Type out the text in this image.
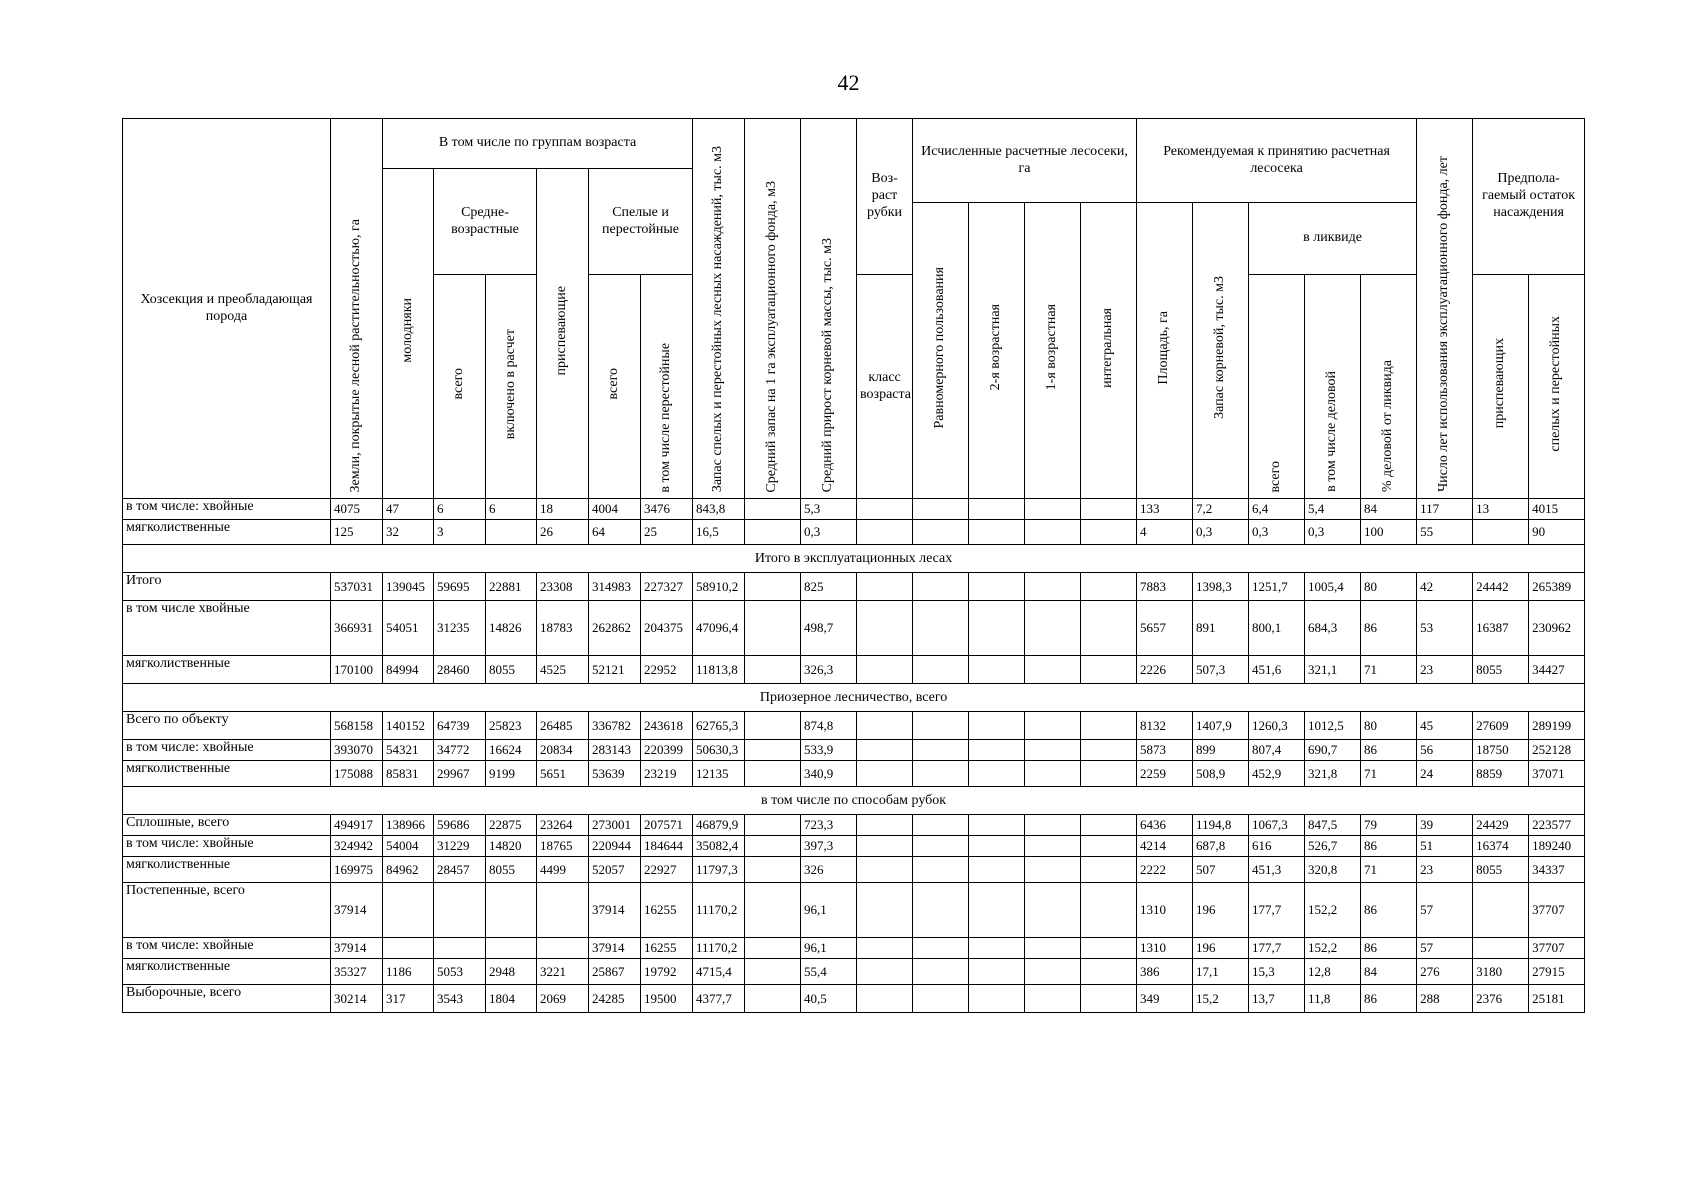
42
Хозсекция и преобладающая порода	Земли, покрытые лесной растительностью, га	В том числе по группам возраста						Запас спелых и перестойных лесных насаждений, тыс. м3	Средний запас на 1 га эксплуатационного фонда, м3	Средний прирост корневой массы, тыс. м3	Воз-раст рубки	Исчисленные расчетные лесосеки, га				Рекомендуемая к принятию расчетная лесосека					Число лет использования эксплуатационного фонда, лет	Предпола-гаемый остаток насаждения	
		молодняки	Средне-возрастные		приспевающие	Спелые и перестойные																	
												Равномерного пользования	2-я возрастная	1-я возрастная	интегральная	Площадь, га	Запас корневой, тыс. м3	в ликвиде					
			всего	включено в расчет		всего	в том числе перестойные				класс возраста							всего	в том числе деловой	% деловой от ликвида		приспевающих	спелых и перестойных
в том числе: хвойные	4075	47	6	6	18	4004	3476	843,8		5,3						133	7,2	6,4	5,4	84	117	13	4015
мягколиственные	125	32	3		26	64	25	16,5		0,3						4	0,3	0,3	0,3	100	55		90
Итого в эксплуатационных лесах																							
Итого	537031	139045	59695	22881	23308	314983	227327	58910,2		825						7883	1398,3	1251,7	1005,4	80	42	24442	265389
в том числе хвойные	366931	54051	31235	14826	18783	262862	204375	47096,4		498,7						5657	891	800,1	684,3	86	53	16387	230962
мягколиственные	170100	84994	28460	8055	4525	52121	22952	11813,8		326,3						2226	507,3	451,6	321,1	71	23	8055	34427
Приозерное лесничество, всего																							
Всего по объекту	568158	140152	64739	25823	26485	336782	243618	62765,3		874,8						8132	1407,9	1260,3	1012,5	80	45	27609	289199
в том числе: хвойные	393070	54321	34772	16624	20834	283143	220399	50630,3		533,9						5873	899	807,4	690,7	86	56	18750	252128
мягколиственные	175088	85831	29967	9199	5651	53639	23219	12135		340,9						2259	508,9	452,9	321,8	71	24	8859	37071
в том числе по способам рубок																							
Сплошные, всего	494917	138966	59686	22875	23264	273001	207571	46879,9		723,3						6436	1194,8	1067,3	847,5	79	39	24429	223577
в том числе: хвойные	324942	54004	31229	14820	18765	220944	184644	35082,4		397,3						4214	687,8	616	526,7	86	51	16374	189240
мягколиственные	169975	84962	28457	8055	4499	52057	22927	11797,3		326						2222	507	451,3	320,8	71	23	8055	34337
Постепенные, всего	37914					37914	16255	11170,2		96,1						1310	196	177,7	152,2	86	57		37707
в том числе: хвойные	37914					37914	16255	11170,2		96,1						1310	196	177,7	152,2	86	57		37707
мягколиственные	35327	1186	5053	2948	3221	25867	19792	4715,4		55,4						386	17,1	15,3	12,8	84	276	3180	27915
Выборочные, всего	30214	317	3543	1804	2069	24285	19500	4377,7		40,5						349	15,2	13,7	11,8	86	288	2376	25181
